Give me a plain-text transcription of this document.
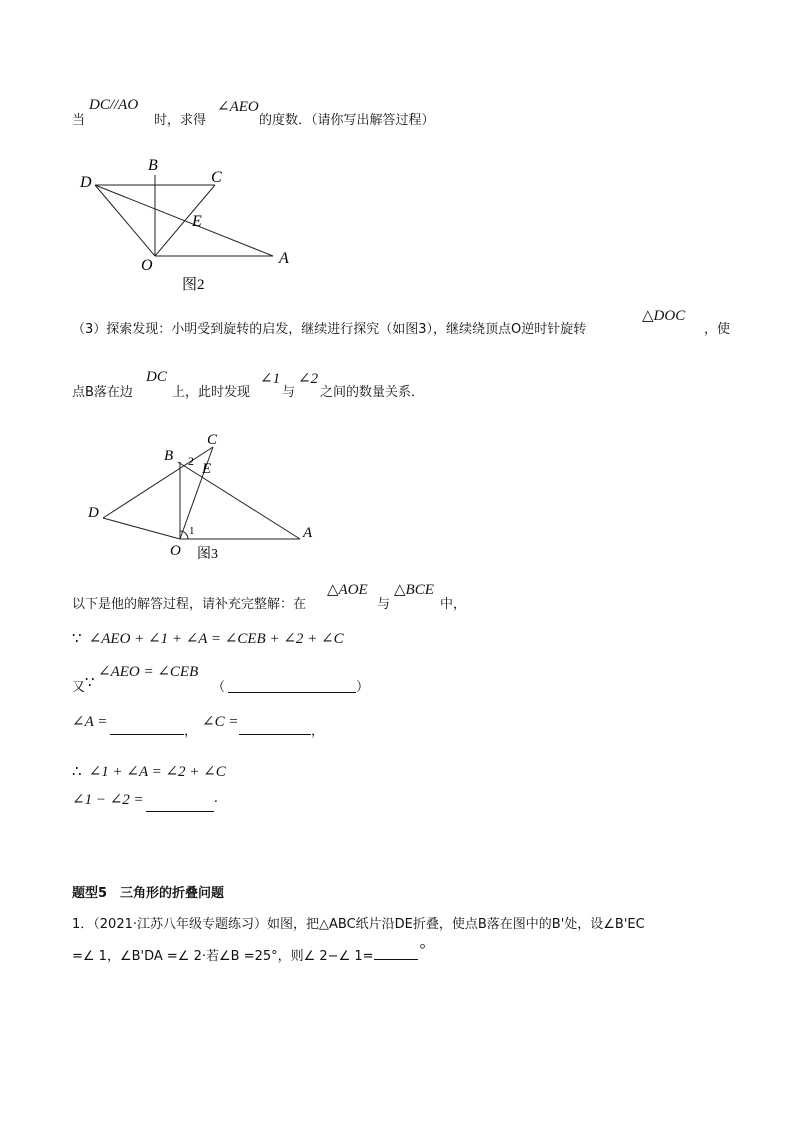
当
DC//AO
时，求得
∠AEO
的度数．（请你写出解答过程）
D
B
C
E
O	A
图2
（3）探索发现：小明受到旋转的启发，继续进行探究（如图3），继续绕顶点O逆时针旋转
△DOC
，使
点B落在边
DC
上，此时发现
∠1
与
∠2
之间的数量关系．
C
B 2 E
D
1	A
O 图3
以下是他的解答过程，请补充完整解：在
△AOE
与
△BCE
中，
∵ ∠AEO + ∠1 + ∠A = ∠CEB + ∠2 + ∠C
又 ∵
∠AEO = ∠CEB
（	）
∠A =
，
∠C =
，
∴ ∠1 + ∠A = ∠2 + ∠C
∠1 − ∠2 =	.
题型5　三角形的折叠问题
1．（2021·江苏八年级专题练习）如图，把△ABC纸片沿DE折叠，使点B落在图中的B'处，设∠B'EC
=∠ 1，∠B'DA =∠ 2·若∠B =25°，则∠ 2−∠ 1=	°
